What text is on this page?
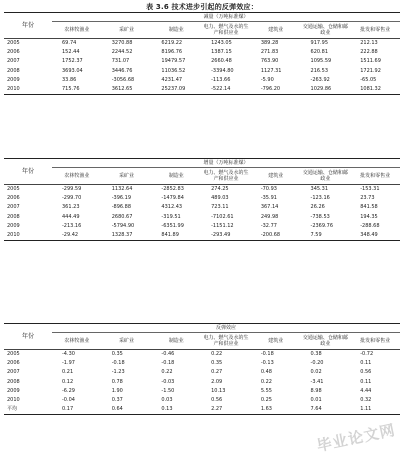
表 3.6 技术进步引起的反弹效应：
年份	减量（万吨标准煤）						
	农林牧渔业	采矿业	制造业	电力、燃气及水的生产和供应业	建筑业	交通运输、仓储和邮政业	批发和零售业
2005	69.74	3270.88	6219.22	1243.05	389.28	917.95	212.13
2006	152.44	2244.52	8196.76	1387.15	271.83	620.81	222.88
2007	1752.37	731.07	19479.57	2660.48	763.90	1095.59	1511.69
2008	3693.04	3446.76	11036.52	-3394.80	1127.31	216.53	1721.92
2009	33.86	-3056.68	4231.47	-113.66	-5.90	-263.92	-65.05
2010	715.76	3612.65	25237.09	-522.14	-796.20	1029.86	1081.32
年份	增量（万吨标准煤）						
	农林牧渔业	采矿业	制造业	电力、燃气及水的生产和供应业	建筑业	交通运输、仓储和邮政业	批发和零售业
2005	-299.59	1132.64	-2852.83	274.25	-70.93	345.31	-153.31
2006	-299.70	-396.19	-1479.84	489.03	-35.91	-123.16	23.73
2007	361.23	-896.88	4312.43	723.11	367.14	26.26	841.58
2008	444.49	2680.67	-319.51	-7102.61	249.98	-738.53	194.35
2009	-213.16	-5794.90	-6351.99	-1151.12	-32.77	-2369.76	-288.68
2010	-29.42	1328.37	841.89	-293.49	-200.68	7.59	348.49
年份	反弹效应						
	农林牧渔业	采矿业	制造业	电力、燃气及水的生产和供应业	建筑业	交通运输、仓储和邮政业	批发和零售业
2005	-4.30	0.35	-0.46	0.22	-0.18	0.38	-0.72
2006	-1.97	-0.18	-0.18	0.35	-0.13	-0.20	0.11
2007	0.21	-1.23	0.22	0.27	0.48	0.02	0.56
2008	0.12	0.78	-0.03	2.09	0.22	-3.41	0.11
2009	-6.29	1.90	-1.50	10.13	5.55	8.98	4.44
2010	-0.04	0.37	0.03	0.56	0.25	0.01	0.32
平均	0.17	0.64	0.13	2.27	1.63	7.64	1.11
毕业论文网
